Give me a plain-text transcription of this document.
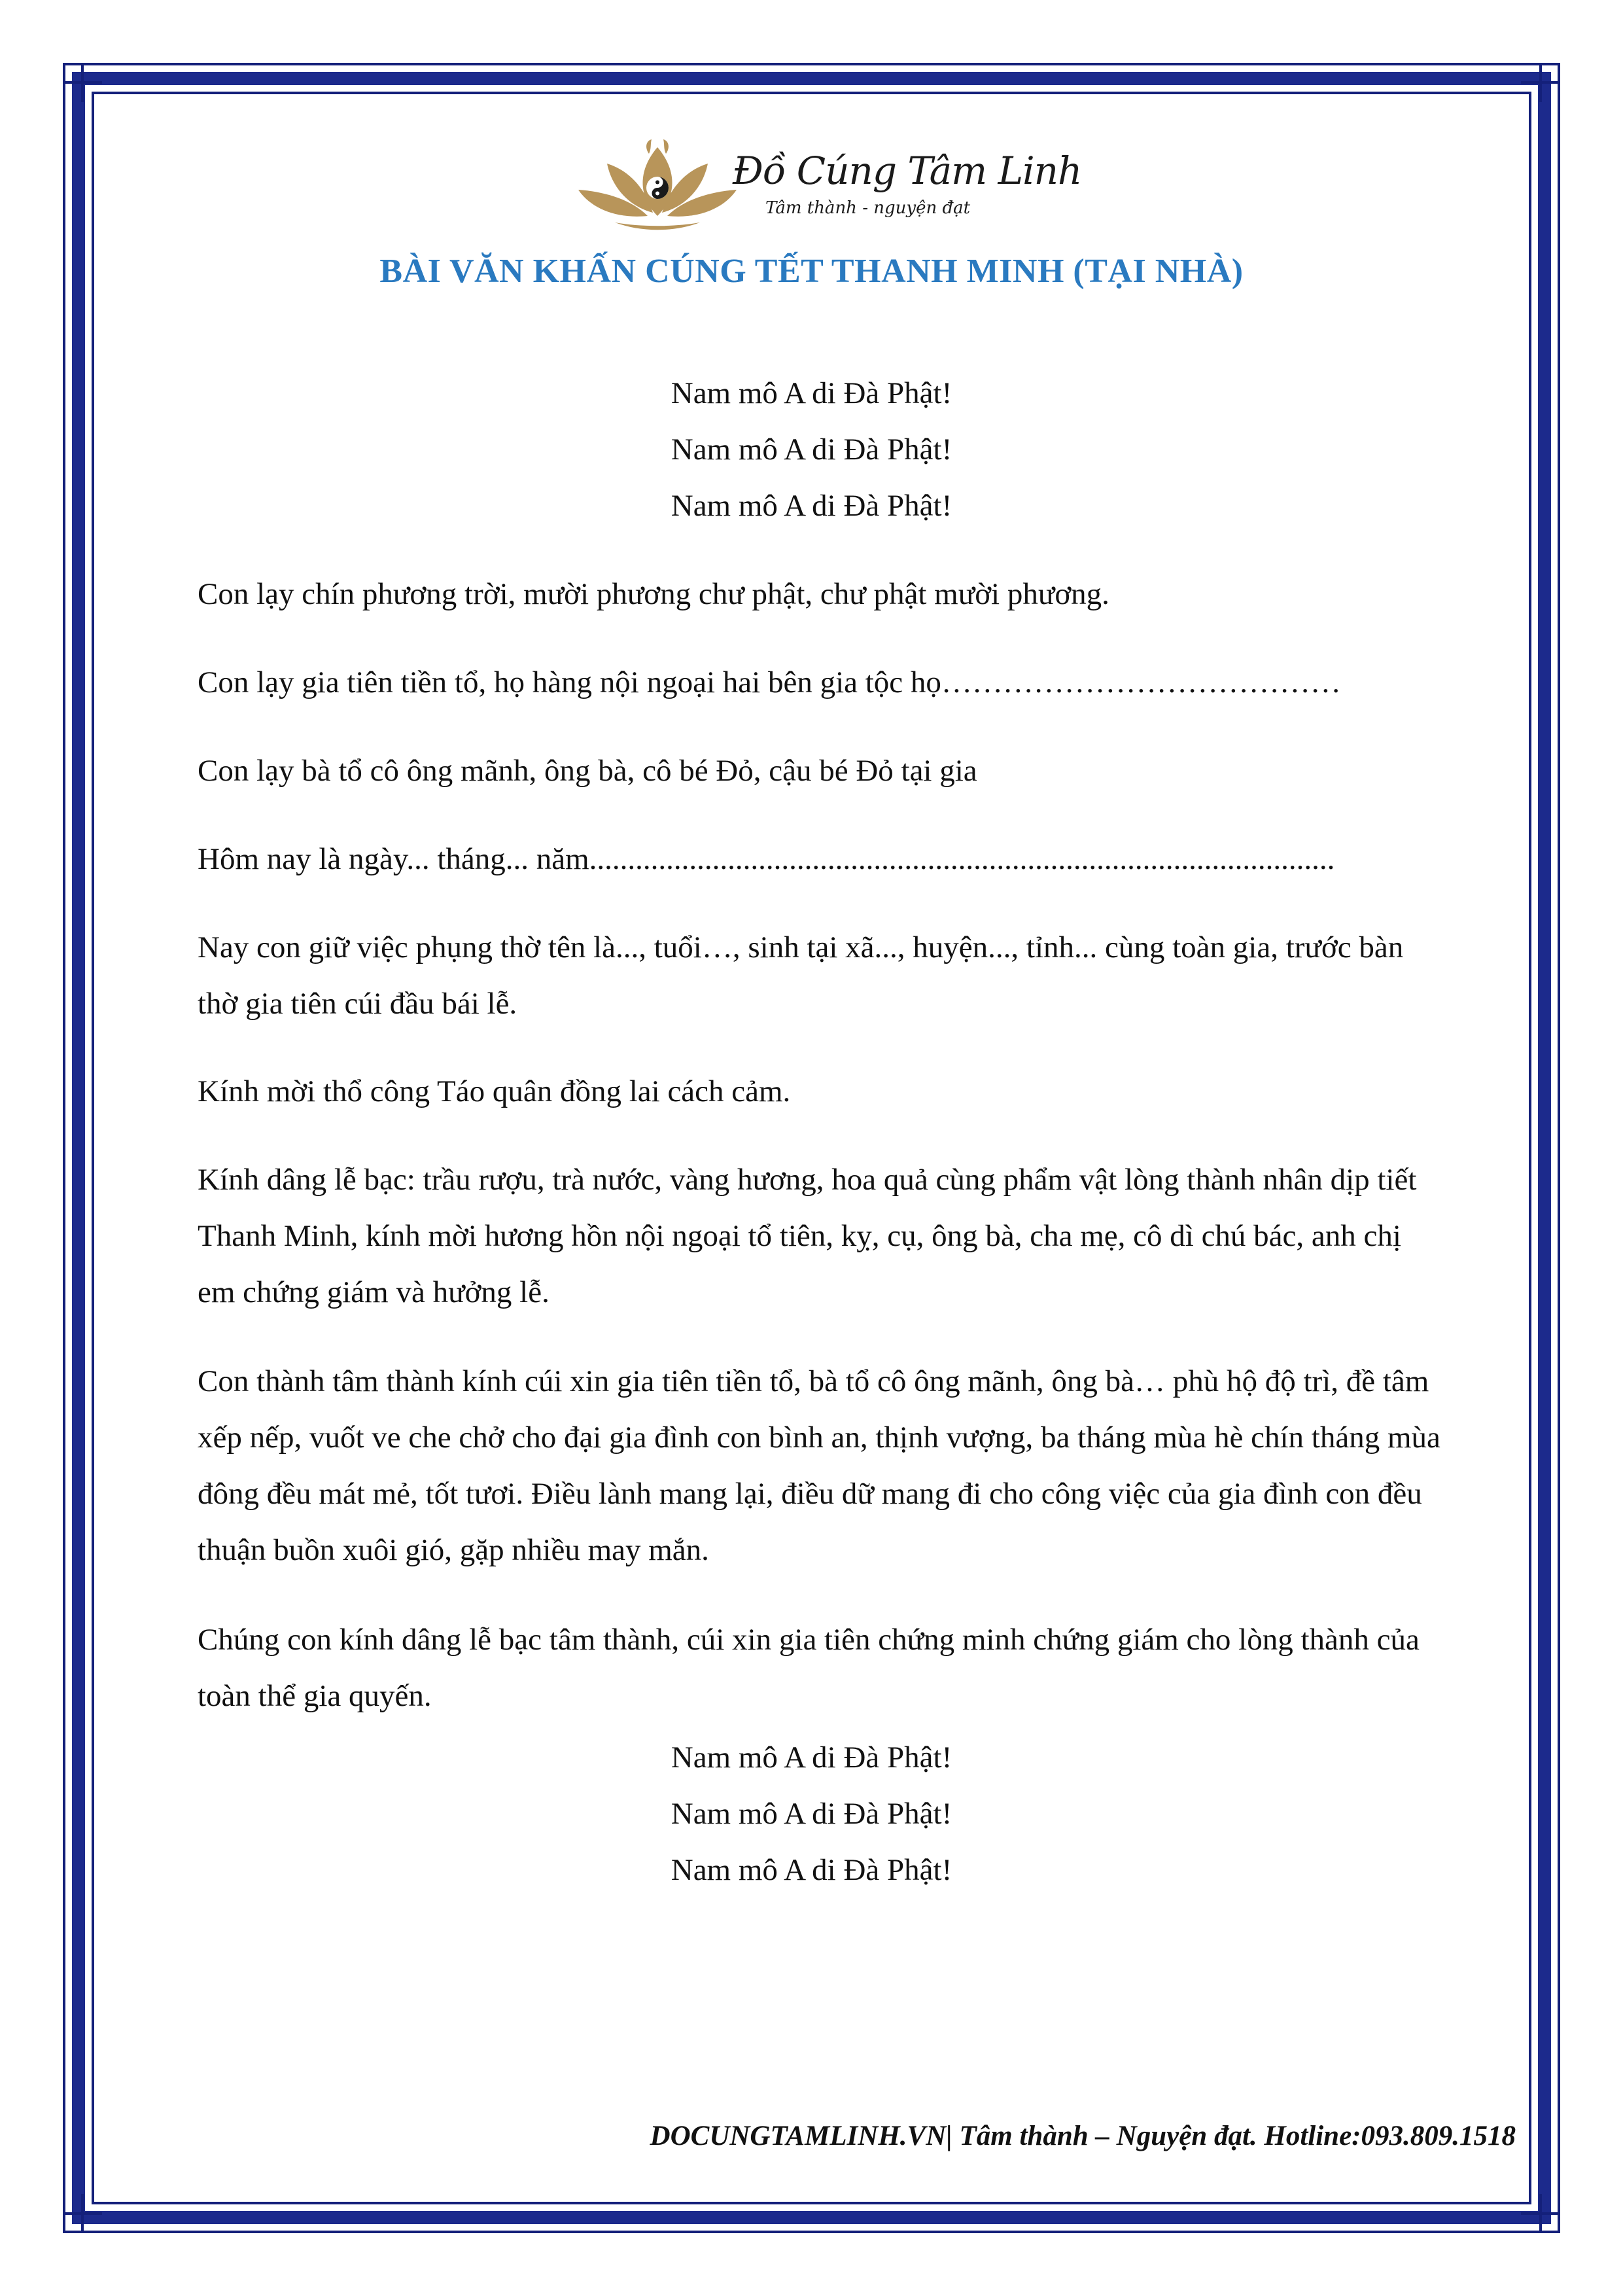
Đồ Cúng Tâm Linh
Tâm thành - nguyện đạt
BÀI VĂN KHẤN CÚNG TẾT THANH MINH (TẠI NHÀ)
Nam mô A di Đà Phật!
Nam mô A di Đà Phật!
Nam mô A di Đà Phật!
Con lạy chín phương trời, mười phương chư phật, chư phật mười phương.
Con lạy gia tiên tiền tổ, họ hàng nội ngoại hai bên gia tộc họ…………………………………
Con lạy bà tổ cô ông mãnh, ông bà, cô bé Đỏ, cậu bé Đỏ tại gia
Hôm nay là ngày... tháng... năm.................................................................................................
Nay con giữ việc phụng thờ tên là..., tuổi…, sinh tại xã..., huyện..., tỉnh... cùng toàn gia, trước bàn thờ gia tiên cúi đầu bái lễ.
Kính mời thổ công Táo quân đồng lai cách cảm.
Kính dâng lễ bạc: trầu rượu, trà nước, vàng hương, hoa quả cùng phẩm vật lòng thành nhân dịp tiết Thanh Minh, kính mời hương hồn nội ngoại tổ tiên, kỵ, cụ, ông bà, cha mẹ, cô dì chú bác, anh chị em chứng giám và hưởng lễ.
Con thành tâm thành kính cúi xin gia tiên tiền tổ, bà tổ cô ông mãnh, ông bà… phù hộ độ trì, đề tâm xếp nếp, vuốt ve che chở cho đại gia đình con bình an, thịnh vượng, ba tháng mùa hè chín tháng mùa đông đều mát mẻ, tốt tươi. Điều lành mang lại, điều dữ mang đi cho công việc của gia đình con đều thuận buồn xuôi gió, gặp nhiều may mắn.
Chúng con kính dâng lễ bạc tâm thành, cúi xin gia tiên chứng minh chứng giám cho lòng thành của toàn thể gia quyến.
Nam mô A di Đà Phật!
Nam mô A di Đà Phật!
Nam mô A di Đà Phật!
DOCUNGTAMLINH.VN| Tâm thành – Nguyện đạt. Hotline:093.809.1518
